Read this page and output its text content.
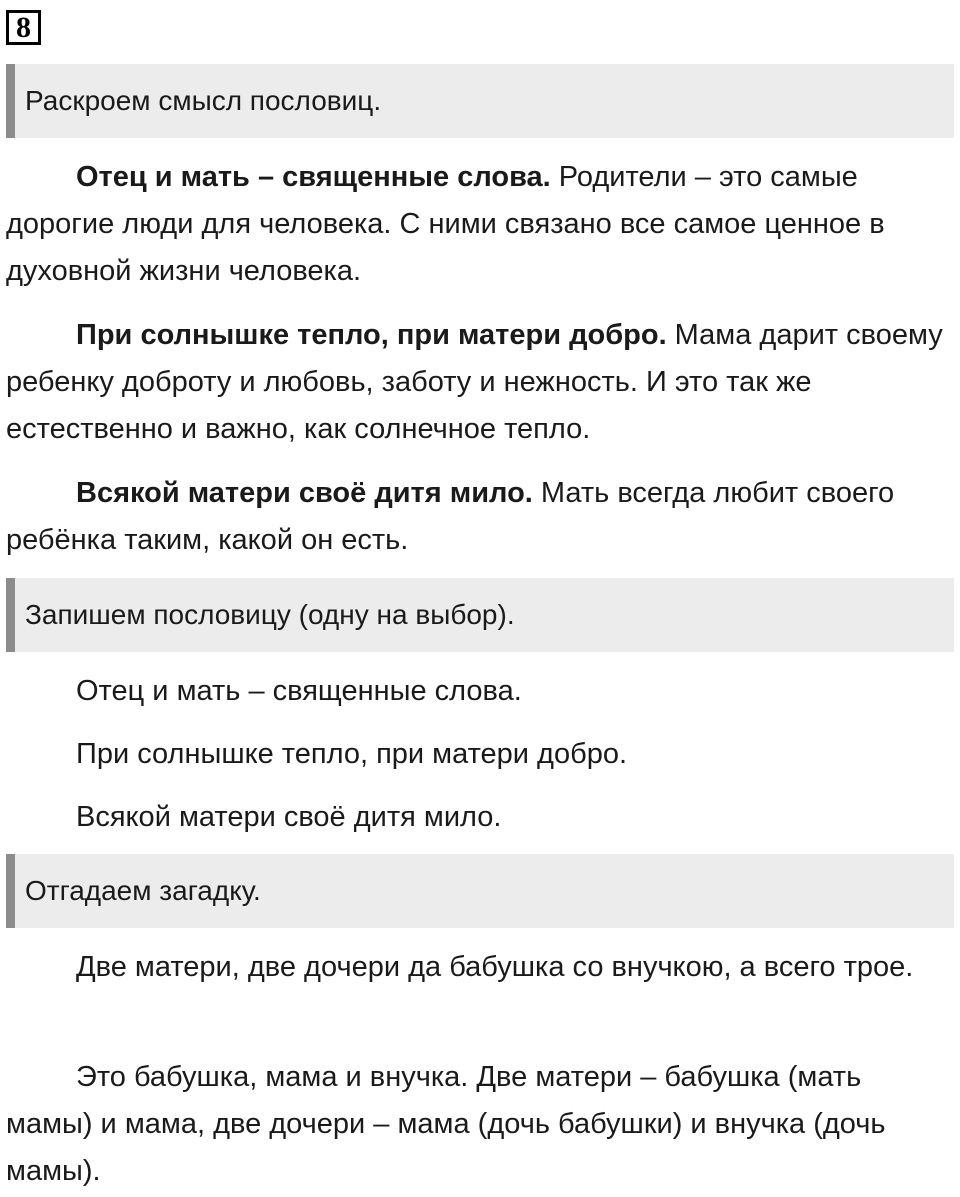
8
Раскроем смысл пословиц.

Отец и мать – священные слова. Родители – это самые дорогие люди для человека. С ними связано все самое ценное в духовной жизни человека.

При солнышке тепло, при матери добро. Мама дарит своему ребенку доброту и любовь, заботу и нежность. И это так же естественно и важно, как солнечное тепло.

Всякой матери своё дитя мило. Мать всегда любит своего ребёнка таким, какой он есть.

Запишем пословицу (одну на выбор).

Отец и мать – священные слова.

При солнышке тепло, при матери добро.

Всякой матери своё дитя мило.

Отгадаем загадку.

Две матери, две дочери да бабушка со внучкою, а всего трое.

Это бабушка, мама и внучка. Две матери – бабушка (мать мамы) и мама, две дочери – мама (дочь бабушки) и внучка (дочь мамы).
